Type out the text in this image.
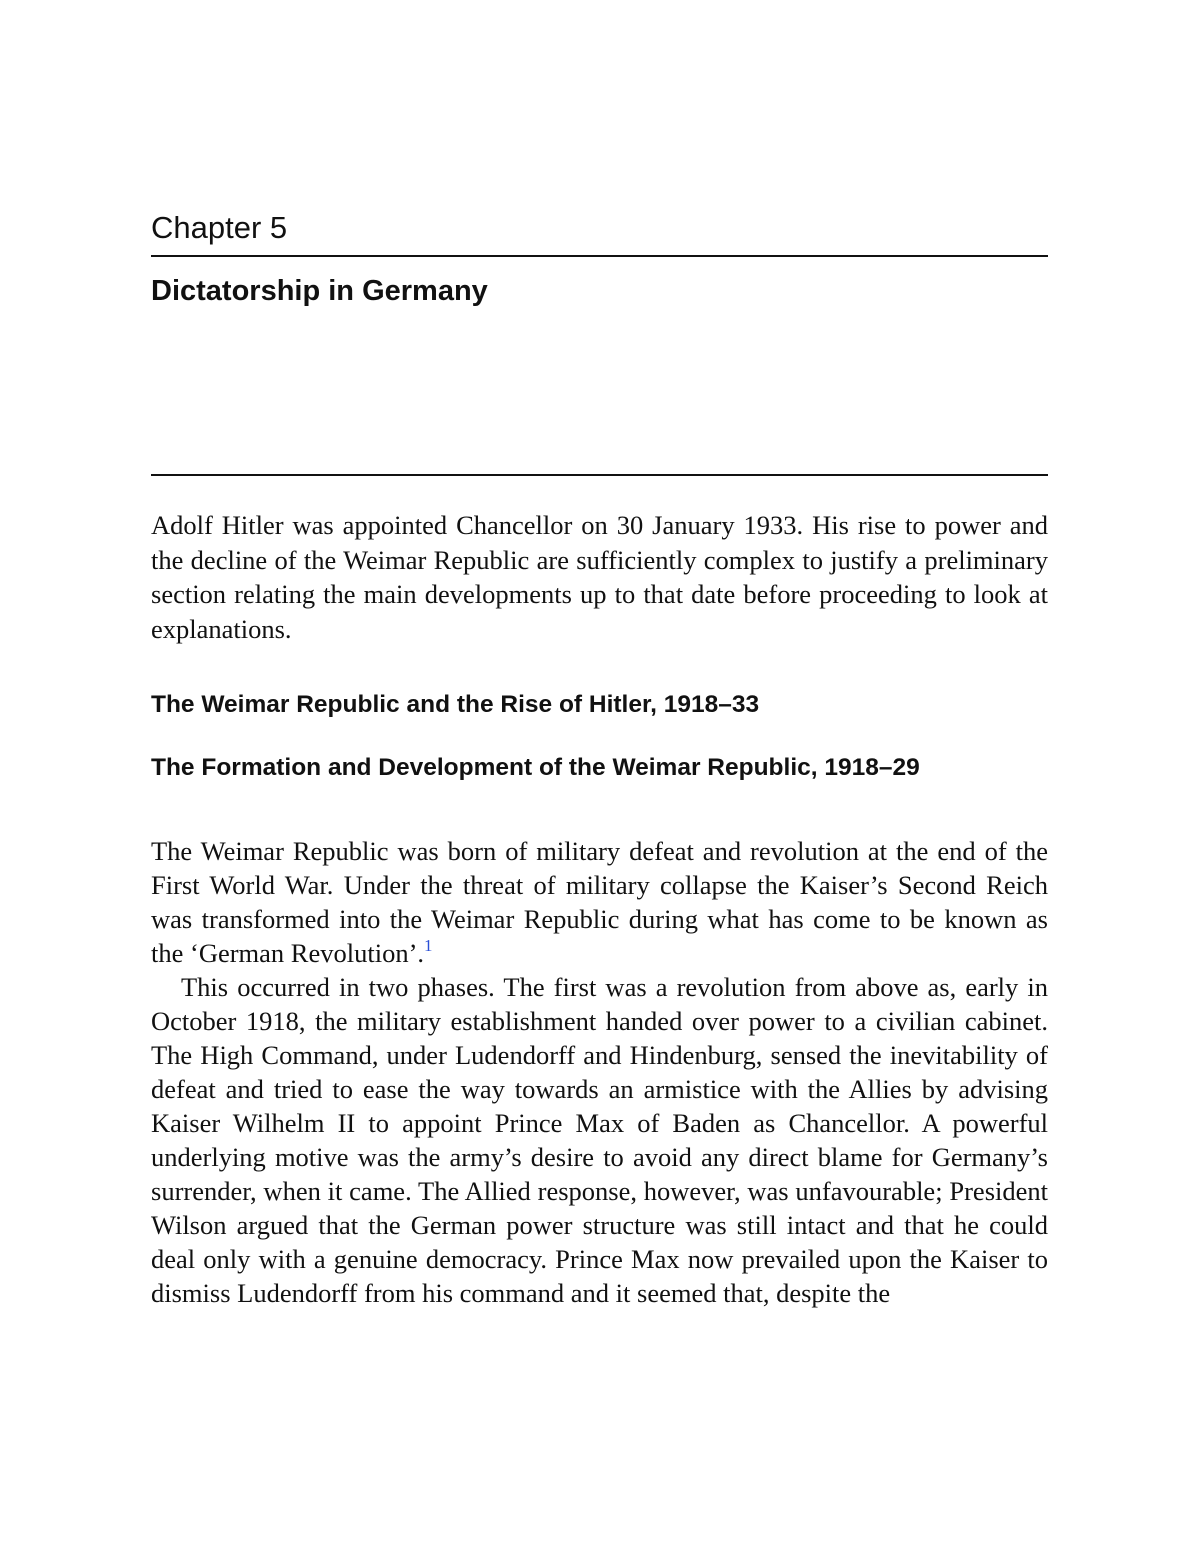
Chapter 5
Dictatorship in Germany

Adolf Hitler was appointed Chancellor on 30 January 1933. His rise to power and the decline of the Weimar Republic are sufficiently complex to justify a preliminary section relating the main developments up to that date before proceeding to look at explanations.

The Weimar Republic and the Rise of Hitler, 1918–33
The Formation and Development of the Weimar Republic, 1918–29

The Weimar Republic was born of military defeat and revolution at the end of the First World War. Under the threat of military collapse the Kaiser’s Second Reich was transformed into the Weimar Republic during what has come to be known as the ‘German Revolution’.$^1$

This occurred in two phases. The first was a revolution from above as, early in October 1918, the military establishment handed over power to a civilian cabinet. The High Command, under Ludendorff and Hindenburg, sensed the inevitability of defeat and tried to ease the way towards an armistice with the Allies by advising Kaiser Wilhelm II to appoint Prince Max of Baden as Chancellor. A powerful underlying motive was the army’s desire to avoid any direct blame for Germany’s surrender, when it came. The Allied response, however, was unfavourable; President Wilson argued that the German power structure was still intact and that he could deal only with a genuine democracy. Prince Max now prevailed upon the Kaiser to dismiss Ludendorff from his command and it seemed that, despite the
